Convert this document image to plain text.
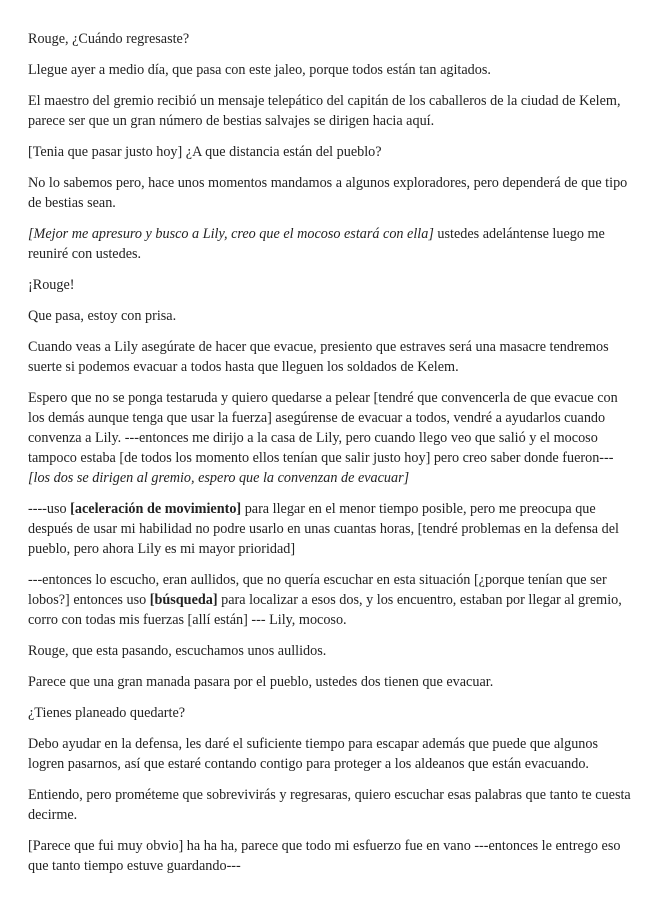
Rouge, ¿Cuándo regresaste?

Llegue ayer a medio día, que pasa con este jaleo, porque todos están tan agitados.

El maestro del gremio recibió un mensaje telepático del capitán de los caballeros de la ciudad de Kelem, parece ser que un gran número de bestias salvajes se dirigen hacia aquí.

[Tenia que pasar justo hoy] ¿A que distancia están del pueblo?

No lo sabemos pero, hace unos momentos mandamos a algunos exploradores, pero dependerá de que tipo de bestias sean.

[Mejor me apresuro y busco a Lily, creo que el mocoso estará con ella] ustedes adelántense luego me reuniré con ustedes.

¡Rouge!

Que pasa, estoy con prisa.

Cuando veas a Lily asegúrate de hacer que evacue, presiento que estraves será una masacre tendremos suerte si podemos evacuar a todos hasta que lleguen los soldados de Kelem.

Espero que no se ponga testaruda y quiero quedarse a pelear [tendré que convencerla de que evacue con los demás aunque tenga que usar la fuerza] asegúrense de evacuar a todos, vendré a ayudarlos cuando convenza a Lily. ---entonces me dirijo a la casa de Lily, pero cuando llego veo que salió y el mocoso tampoco estaba [de todos los momento ellos tenían que salir justo hoy] pero creo saber donde fueron--- [los dos se dirigen al gremio, espero que la convenzan de evacuar]

----uso [aceleración de movimiento] para llegar en el menor tiempo posible, pero me preocupa que después de usar mi habilidad no podre usarlo en unas cuantas horas, [tendré problemas en la defensa del pueblo, pero ahora Lily es mi mayor prioridad]

---entonces lo escucho, eran aullidos, que no quería escuchar en esta situación [¿porque tenían que ser lobos?] entonces uso [búsqueda] para localizar a esos dos, y los encuentro, estaban por llegar al gremio, corro con todas mis fuerzas [allí están] --- Lily, mocoso.

Rouge, que esta pasando, escuchamos unos aullidos.

Parece que una gran manada pasara por el pueblo, ustedes dos tienen que evacuar.

¿Tienes planeado quedarte?

Debo ayudar en la defensa, les daré el suficiente tiempo para escapar además que puede que algunos logren pasarnos, así que estaré contando contigo para proteger a los aldeanos que están evacuando.

Entiendo, pero prométeme que sobrevivirás y regresaras, quiero escuchar esas palabras que tanto te cuesta decirme.

[Parece que fui muy obvio] ha ha ha, parece que todo mi esfuerzo fue en vano ---entonces le entrego eso que tanto tiempo estuve guardando---
